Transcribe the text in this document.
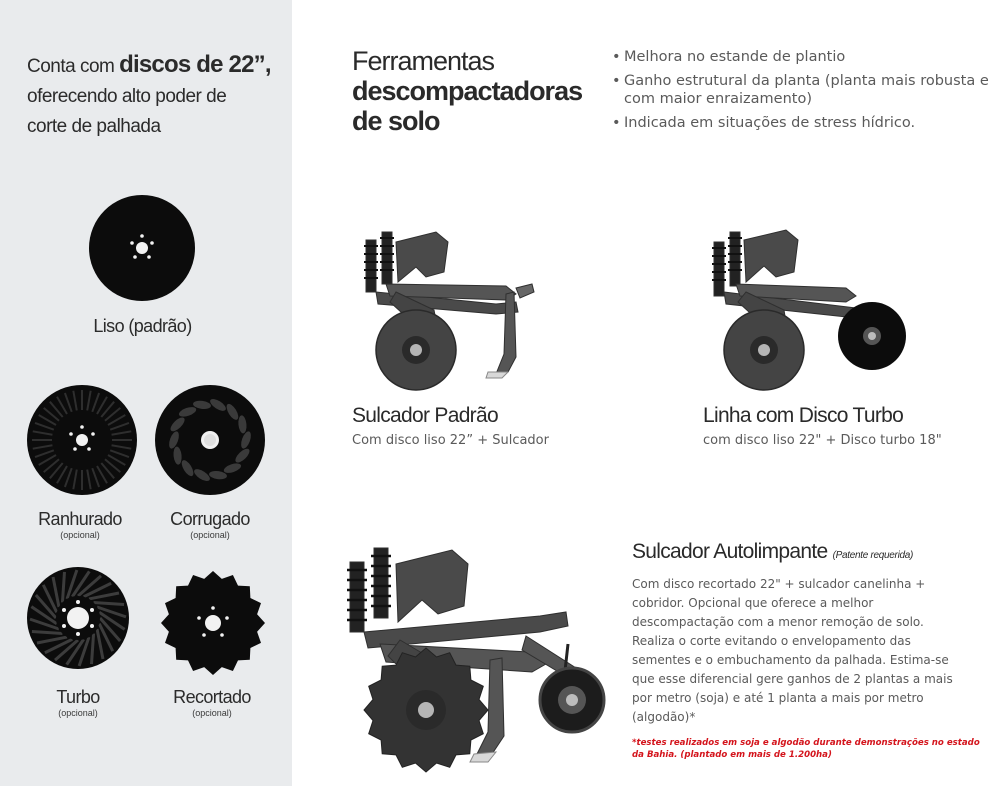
Conta com discos de 22”,
oferecendo alto poder de
corte de palhada
Liso (padrão)
Ranhurado
(opcional)
Corrugado
(opcional)
Turbo
(opcional)
Recortado
(opcional)
Ferramentas
descompactadoras
de solo
• Melhora no estande de plantio
• Ganho estrutural da planta (planta mais robusta e com maior enraizamento)
• Indicada em situações de stress hídrico.
Sulcador Padrão
Com disco liso 22” + Sulcador
Linha com Disco Turbo
com disco liso 22" + Disco turbo 18"
Sulcador Autolimpante (Patente requerida)
Com disco recortado 22" + sulcador canelinha + cobridor. Opcional que oferece a melhor descompactação com a menor remoção de solo. Realiza o corte evitando o envelopamento das sementes e o embuchamento da palhada. Estima-se que esse diferencial gere ganhos de 2 plantas a mais por metro (soja) e até 1 planta a mais por metro (algodão)*
*testes realizados em soja e algodão durante demonstrações no estado da Bahia. (plantado em mais de 1.200ha)
